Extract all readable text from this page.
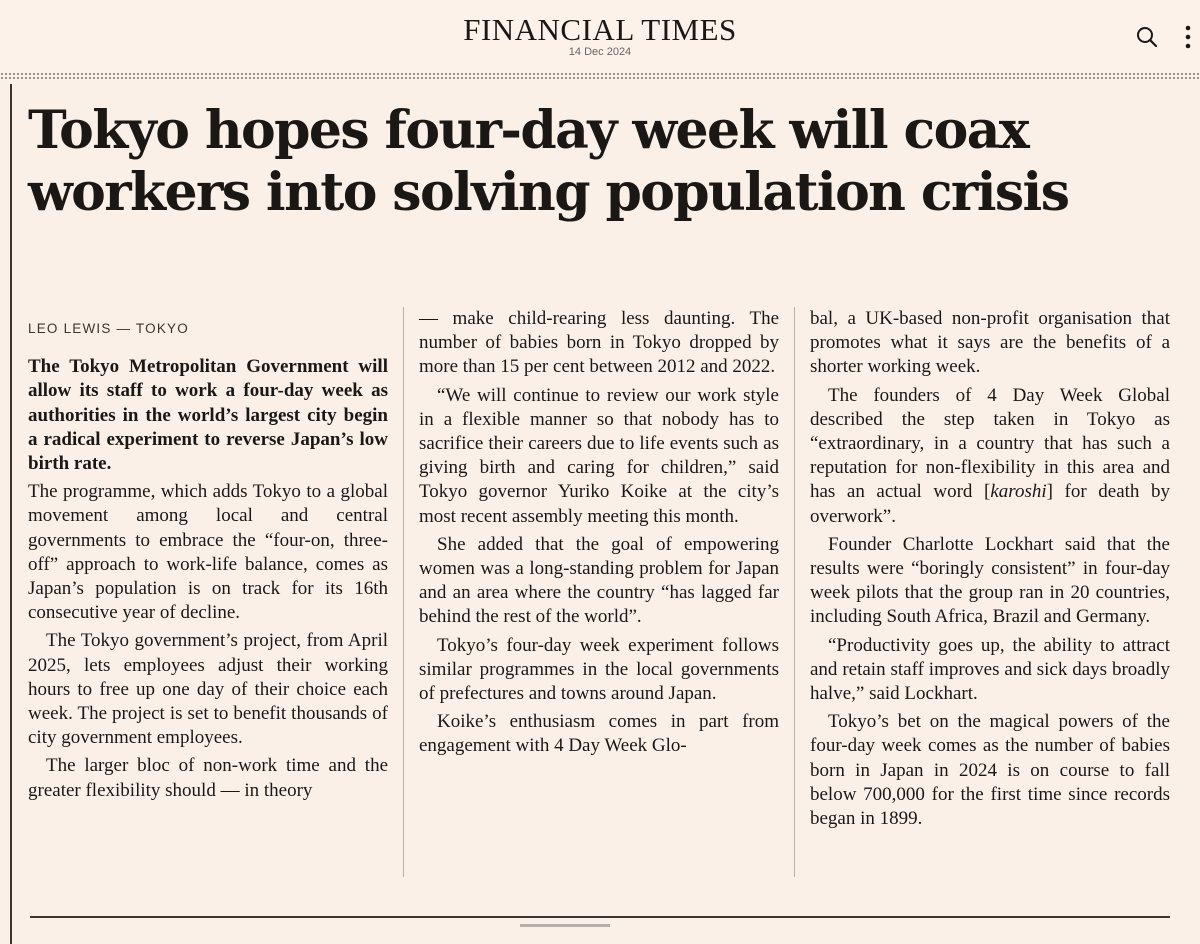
FINANCIAL TIMES
14 Dec 2024
Tokyo hopes four-day week will coax workers into solving population crisis
LEO LEWIS — TOKYO

The Tokyo Metropolitan Government will allow its staff to work a four-day week as authorities in the world’s largest city begin a radical experiment to reverse Japan’s low birth rate.

The programme, which adds Tokyo to a global movement among local and central governments to embrace the “four-on, three-off” approach to work-life balance, comes as Japan’s population is on track for its 16th consecutive year of decline.

The Tokyo government’s project, from April 2025, lets employees adjust their working hours to free up one day of their choice each week. The project is set to benefit thousands of city government employees.

The larger bloc of non-work time and the greater flexibility should — in theory

— make child-rearing less daunting. The number of babies born in Tokyo dropped by more than 15 per cent between 2012 and 2022.

“We will continue to review our work style in a flexible manner so that nobody has to sacrifice their careers due to life events such as giving birth and caring for children,” said Tokyo governor Yuriko Koike at the city’s most recent assembly meeting this month.

She added that the goal of empowering women was a long-standing problem for Japan and an area where the country “has lagged far behind the rest of the world”.

Tokyo’s four-day week experiment follows similar programmes in the local governments of prefectures and towns around Japan.

Koike’s enthusiasm comes in part from engagement with 4 Day Week Glo-

bal, a UK-based non-profit organisation that promotes what it says are the benefits of a shorter working week.

The founders of 4 Day Week Global described the step taken in Tokyo as “extraordinary, in a country that has such a reputation for non-flexibility in this area and has an actual word [karoshi] for death by overwork”.

Founder Charlotte Lockhart said that the results were “boringly consistent” in four-day week pilots that the group ran in 20 countries, including South Africa, Brazil and Germany.

“Productivity goes up, the ability to attract and retain staff improves and sick days broadly halve,” said Lockhart.

Tokyo’s bet on the magical powers of the four-day week comes as the number of babies born in Japan in 2024 is on course to fall below 700,000 for the first time since records began in 1899.
